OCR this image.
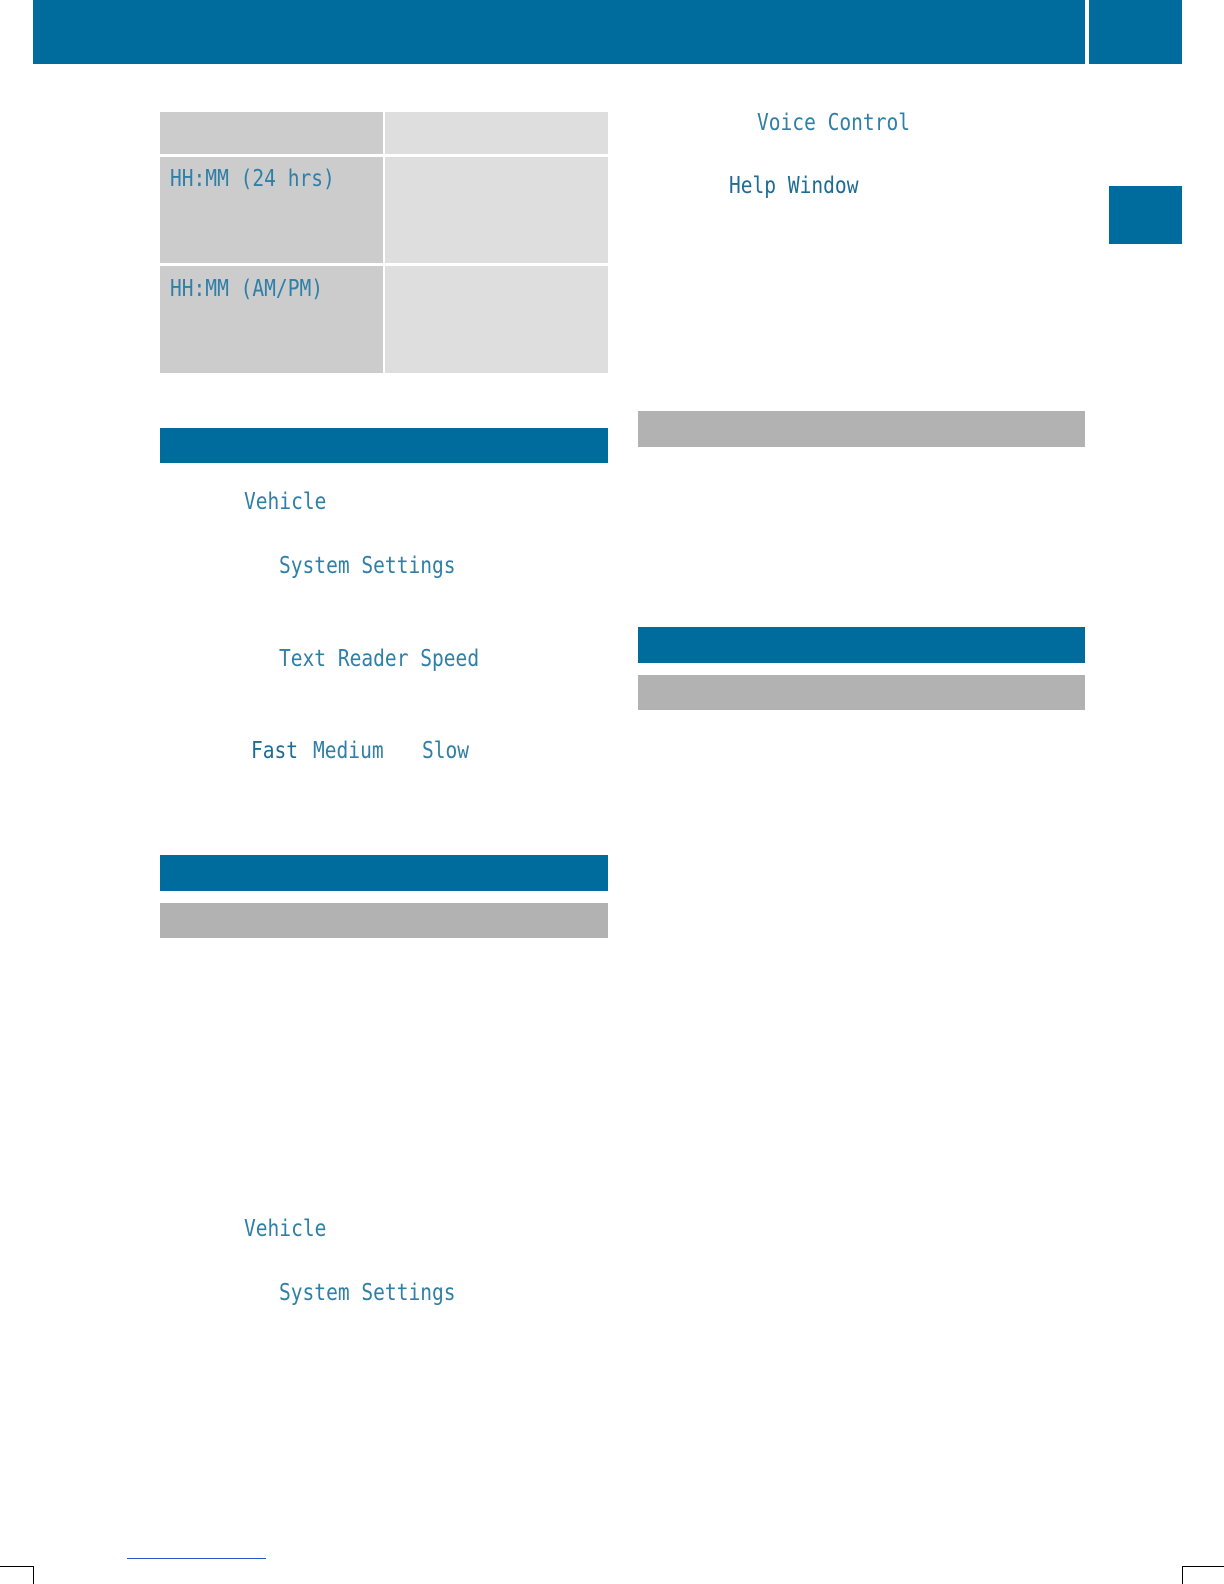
HH:MM (24 hrs)
HH:MM (AM/PM)
Vehicle
System Settings
Text Reader Speed
Fast Medium Slow
Vehicle
System Settings
Voice Control
Help Window
